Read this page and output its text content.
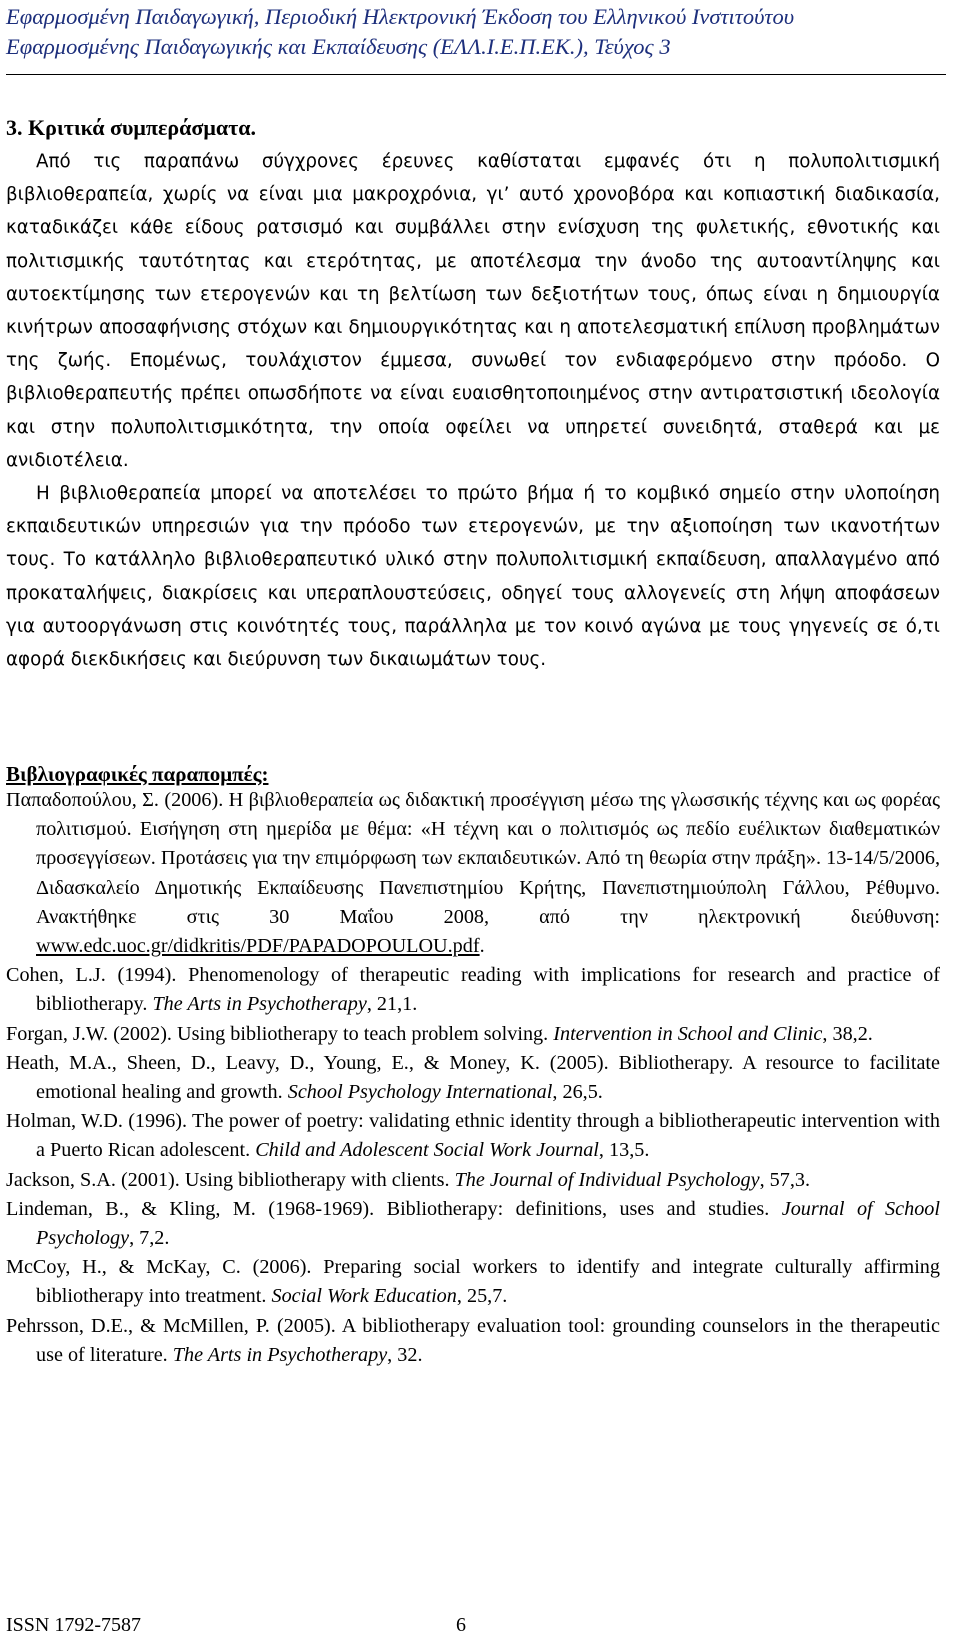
Εφαρμοσμένη Παιδαγωγική, Περιοδική Ηλεκτρονική Έκδοση του Ελληνικού Ινστιτούτου
Εφαρμοσμένης Παιδαγωγικής και Εκπαίδευσης (ΕΛΛ.Ι.Ε.Π.ΕΚ.), Τεύχος 3
3. Κριτικά συμπεράσματα.

Από τις παραπάνω σύγχρονες έρευνες καθίσταται εμφανές ότι η πολυπολιτισμική βιβλιοθεραπεία, χωρίς να είναι μια μακροχρόνια, γι’ αυτό χρονοβόρα και κοπιαστική διαδικασία, καταδικάζει κάθε είδους ρατσισμό και συμβάλλει στην ενίσχυση της φυλετικής, εθνοτικής και πολιτισμικής ταυτότητας και ετερότητας, με αποτέλεσμα την άνοδο της αυτοαντίληψης και αυτοεκτίμησης των ετερογενών και τη βελτίωση των δεξιοτήτων τους, όπως είναι η δημιουργία κινήτρων αποσαφήνισης στόχων και δημιουργικότητας και η αποτελεσματική επίλυση προβλημάτων της ζωής. Επομένως, τουλάχιστον έμμεσα, συνωθεί τον ενδιαφερόμενο στην πρόοδο. Ο βιβλιοθεραπευτής πρέπει οπωσδήποτε να είναι ευαισθητοποιημένος στην αντιρατσιστική ιδεολογία και στην πολυπολιτισμικότητα, την οποία οφείλει να υπηρετεί συνειδητά, σταθερά και με ανιδιοτέλεια.

Η βιβλιοθεραπεία μπορεί να αποτελέσει το πρώτο βήμα ή το κομβικό σημείο στην υλοποίηση εκπαιδευτικών υπηρεσιών για την πρόοδο των ετερογενών, με την αξιοποίηση των ικανοτήτων τους. Το κατάλληλο βιβλιοθεραπευτικό υλικό στην πολυπολιτισμική εκπαίδευση, απαλλαγμένο από προκαταλήψεις, διακρίσεις και υπεραπλουστεύσεις, οδηγεί τους αλλογενείς στη λήψη αποφάσεων για αυτοοργάνωση στις κοινότητές τους, παράλληλα με τον κοινό αγώνα με τους γηγενείς σε ό,τι αφορά διεκδικήσεις και διεύρυνση των δικαιωμάτων τους.

Βιβλιογραφικές παραπομπές:
Παπαδοπούλου, Σ. (2006). Η βιβλιοθεραπεία ως διδακτική προσέγγιση μέσω της γλωσσικής τέχνης και ως φορέας πολιτισμού. Εισήγηση στη ημερίδα με θέμα: «Η τέχνη και ο πολιτισμός ως πεδίο ευέλικτων διαθεματικών προσεγγίσεων. Προτάσεις για την επιμόρφωση των εκπαιδευτικών. Από τη θεωρία στην πράξη». 13-14/5/2006, Διδασκαλείο Δημοτικής Εκπαίδευσης Πανεπιστημίου Κρήτης, Πανεπιστημιούπολη Γάλλου, Ρέθυμνο. Ανακτήθηκε στις 30 Μαΐου 2008, από την ηλεκτρονική διεύθυνση: www.edc.uoc.gr/didkritis/PDF/PAPADOPOULOU.pdf.
Cohen, L.J. (1994). Phenomenology of therapeutic reading with implications for research and practice of bibliotherapy. The Arts in Psychotherapy, 21,1.
Forgan, J.W. (2002). Using bibliotherapy to teach problem solving. Intervention in School and Clinic, 38,2.
Heath, M.A., Sheen, D., Leavy, D., Young, E., & Money, K. (2005). Bibliotherapy. A resource to facilitate emotional healing and growth. School Psychology International, 26,5.
Holman, W.D. (1996). The power of poetry: validating ethnic identity through a bibliotherapeutic intervention with a Puerto Rican adolescent. Child and Adolescent Social Work Journal, 13,5.
Jackson, S.A. (2001). Using bibliotherapy with clients. The Journal of Individual Psychology, 57,3.
Lindeman, B., & Kling, M. (1968-1969). Bibliotherapy: definitions, uses and studies. Journal of School Psychology, 7,2.
McCoy, H., & McKay, C. (2006). Preparing social workers to identify and integrate culturally affirming bibliotherapy into treatment. Social Work Education, 25,7.
Pehrsson, D.E., & McMillen, P. (2005). A bibliotherapy evaluation tool: grounding counselors in the therapeutic use of literature. The Arts in Psychotherapy, 32.
ISSN 1792-7587	6
